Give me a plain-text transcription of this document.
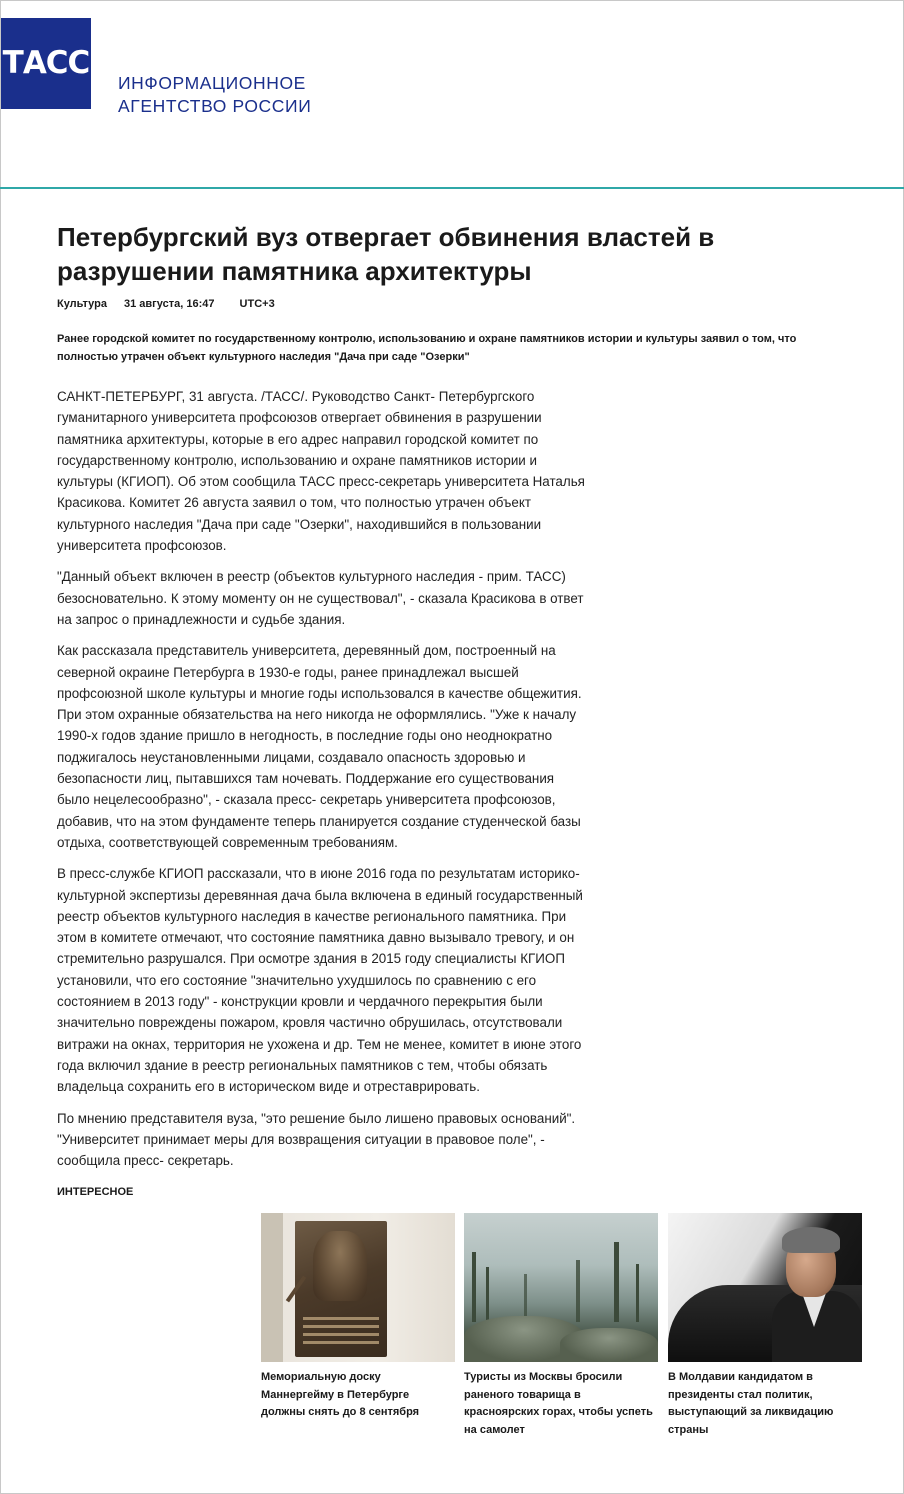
ТАСС
ИНФОРМАЦИОННОЕ
АГЕНТСТВО РОССИИ
Петербургский вуз отвергает обвинения властей в разрушении памятника архитектуры
Культура 31 августа, 16:47 UTC+3
Ранее городской комитет по государственному контролю, использованию и охране памятников истории и культуры заявил о том, что полностью утрачен объект культурного наследия "Дача при саде "Озерки"

САНКТ-ПЕТЕРБУРГ, 31 августа. /ТАСС/. Руководство Санкт- Петербургского гуманитарного университета профсоюзов отвергает обвинения в разрушении памятника архитектуры, которые в его адрес направил городской комитет по государственному контролю, использованию и охране памятников истории и культуры (КГИОП). Об этом сообщила ТАСС пресс-секретарь университета Наталья Красикова. Комитет 26 августа заявил о том, что полностью утрачен объект культурного наследия "Дача при саде "Озерки", находившийся в пользовании университета профсоюзов.

"Данный объект включен в реестр (объектов культурного наследия - прим. ТАСС) безосновательно. К этому моменту он не существовал", - сказала Красикова в ответ на запрос о принадлежности и судьбе здания.

Как рассказала представитель университета, деревянный дом, построенный на северной окраине Петербурга в 1930-е годы, ранее принадлежал высшей профсоюзной школе культуры и многие годы использовался в качестве общежития. При этом охранные обязательства на него никогда не оформлялись. "Уже к началу 1990-х годов здание пришло в негодность, в последние годы оно неоднократно поджигалось неустановленными лицами, создавало опасность здоровью и безопасности лиц, пытавшихся там ночевать. Поддержание его существования было нецелесообразно", - сказала пресс- секретарь университета профсоюзов, добавив, что на этом фундаменте теперь планируется создание студенческой базы отдыха, соответствующей современным требованиям.

В пресс-службе КГИОП рассказали, что в июне 2016 года по результатам историко-культурной экспертизы деревянная дача была включена в единый государственный реестр объектов культурного наследия в качестве регионального памятника. При этом в комитете отмечают, что состояние памятника давно вызывало тревогу, и он стремительно разрушался. При осмотре здания в 2015 году специалисты КГИОП установили, что его состояние "значительно ухудшилось по сравнению с его состоянием в 2013 году" - конструкции кровли и чердачного перекрытия были значительно повреждены пожаром, кровля частично обрушилась, отсутствовали витражи на окнах, территория не ухожена и др. Тем не менее, комитет в июне этого года включил здание в реестр региональных памятников с тем, чтобы обязать владельца сохранить его в историческом виде и отреставрировать.

По мнению представителя вуза, "это решение было лишено правовых оснований". "Университет принимает меры для возвращения ситуации в правовое поле", - сообщила пресс- секретарь.

ИНТЕРЕСНОЕ
Мемориальную доску Маннергейму в Петербурге должны снять до 8 сентября
Туристы из Москвы бросили раненого товарища в красноярских горах, чтобы успеть на самолет
В Молдавии кандидатом в президенты стал политик, выступающий за ликвидацию страны
